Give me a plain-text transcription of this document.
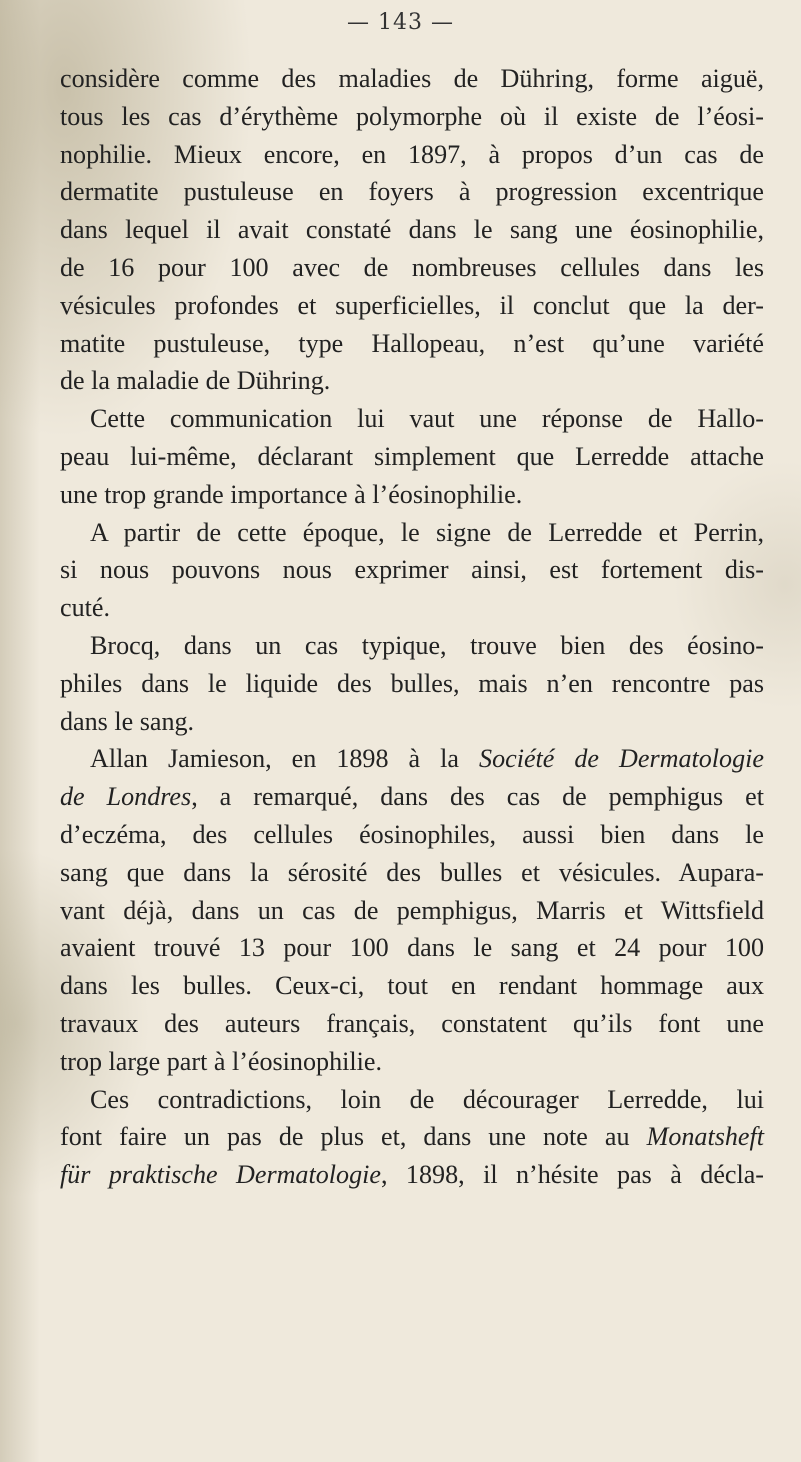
— 143 —

considère comme des maladies de Dühring, forme aiguë,
tous les cas d’érythème polymorphe où il existe de l’éosi-
nophilie. Mieux encore, en 1897, à propos d’un cas de
dermatite pustuleuse en foyers à progression excentrique
dans lequel il avait constaté dans le sang une éosinophilie,
de 16 pour 100 avec de nombreuses cellules dans les
vésicules profondes et superficielles, il conclut que la der-
matite pustuleuse, type Hallopeau, n’est qu’une variété
de la maladie de Dühring.

Cette communication lui vaut une réponse de Hallo-
peau lui-même, déclarant simplement que Lerredde attache
une trop grande importance à l’éosinophilie.

A partir de cette époque, le signe de Lerredde et Perrin,
si nous pouvons nous exprimer ainsi, est fortement dis-
cuté.

Brocq, dans un cas typique, trouve bien des éosino-
philes dans le liquide des bulles, mais n’en rencontre pas
dans le sang.

Allan Jamieson, en 1898 à la Société de Dermatologie
de Londres, a remarqué, dans des cas de pemphigus et
d’eczéma, des cellules éosinophiles, aussi bien dans le
sang que dans la sérosité des bulles et vésicules. Aupara-
vant déjà, dans un cas de pemphigus, Marris et Wittsfield
avaient trouvé 13 pour 100 dans le sang et 24 pour 100
dans les bulles. Ceux-ci, tout en rendant hommage aux
travaux des auteurs français, constatent qu’ils font une
trop large part à l’éosinophilie.

Ces contradictions, loin de décourager Lerredde, lui
font faire un pas de plus et, dans une note au Monatsheft
für praktische Dermatologie, 1898, il n’hésite pas à décla-
